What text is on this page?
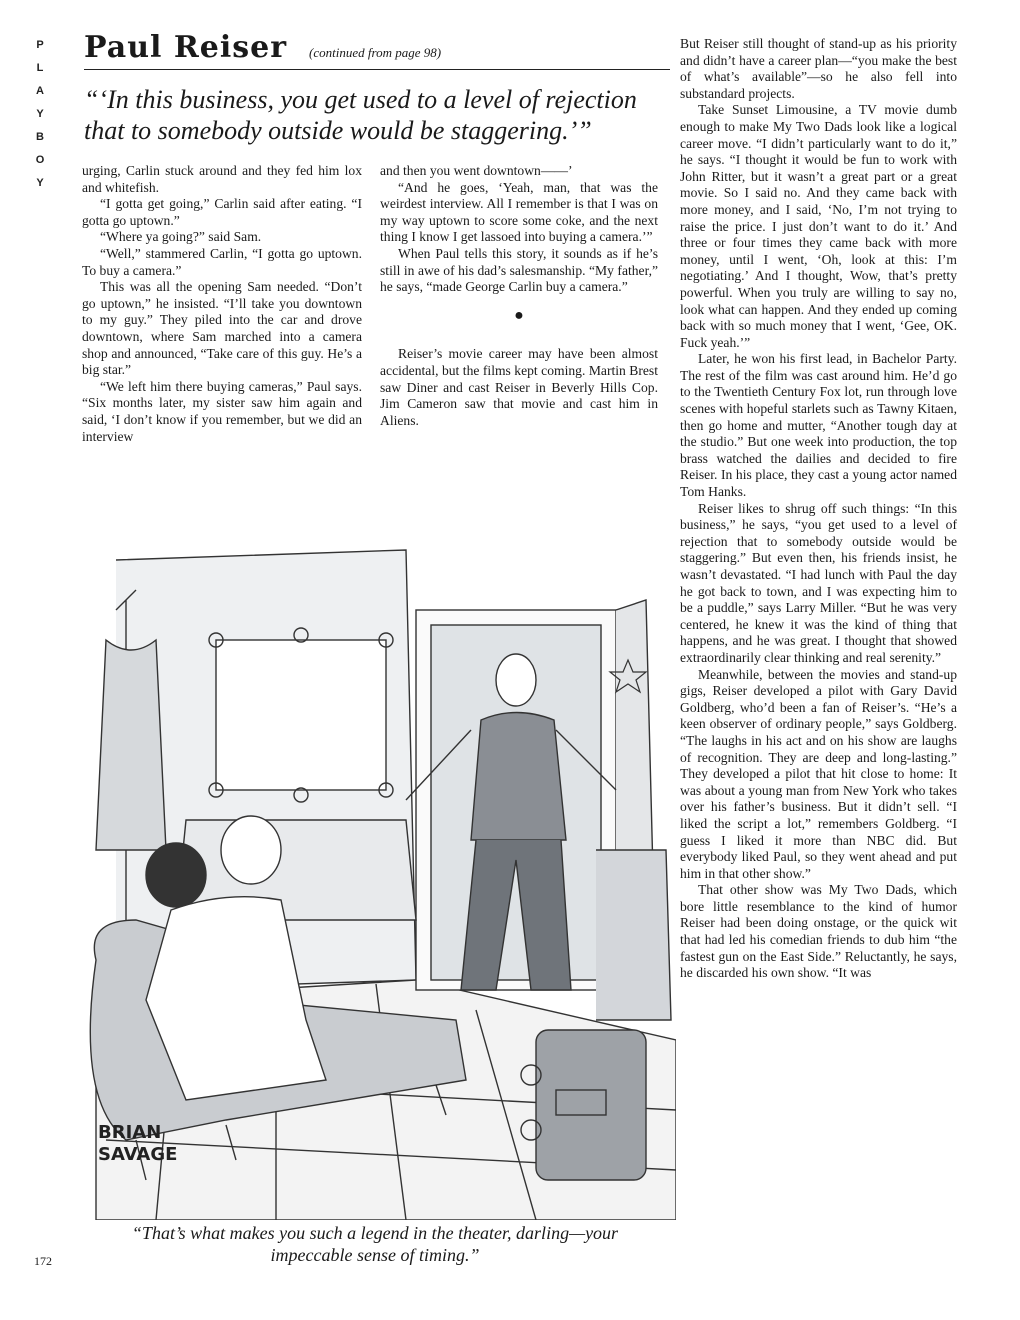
P
L
A
Y
B
O
Y
Paul Reiser (continued from page 98)
“‘In this business, you get used to a level of rejection that to somebody outside would be staggering.’”

urging, Carlin stuck around and they fed him lox and whitefish.

“I gotta get going,” Carlin said after eating. “I gotta go uptown.”

“Where ya going?” said Sam.

“Well,” stammered Carlin, “I gotta go uptown. To buy a camera.”

This was all the opening Sam needed. “Don’t go uptown,” he insisted. “I’ll take you downtown to my guy.” They piled into the car and drove downtown, where Sam marched into a camera shop and announced, “Take care of this guy. He’s a big star.”

“We left him there buying cameras,” Paul says. “Six months later, my sister saw him again and said, ‘I don’t know if you remember, but we did an interview

and then you went downtown——’

“And he goes, ‘Yeah, man, that was the weirdest interview. All I remember is that I was on my way uptown to score some coke, and the next thing I know I get lassoed into buying a camera.’”

When Paul tells this story, it sounds as if he’s still in awe of his dad’s salesmanship. “My father,” he says, “made George Carlin buy a camera.”

●

Reiser’s movie career may have been almost accidental, but the films kept coming. Martin Brest saw Diner and cast Reiser in Beverly Hills Cop. Jim Cameron saw that movie and cast him in Aliens.

But Reiser still thought of stand-up as his priority and didn’t have a career plan—“you make the best of what’s available”—so he also fell into substandard projects.

Take Sunset Limousine, a TV movie dumb enough to make My Two Dads look like a logical career move. “I didn’t particularly want to do it,” he says. “I thought it would be fun to work with John Ritter, but it wasn’t a great part or a great movie. So I said no. And they came back with more money, and I said, ‘No, I’m not trying to raise the price. I just don’t want to do it.’ And three or four times they came back with more money, until I went, ‘Oh, look at this: I’m negotiating.’ And I thought, Wow, that’s pretty powerful. When you truly are willing to say no, look what can happen. And they ended up coming back with so much money that I went, ‘Gee, OK. Fuck yeah.’”

Later, he won his first lead, in Bachelor Party. The rest of the film was cast around him. He’d go to the Twentieth Century Fox lot, run through love scenes with hopeful starlets such as Tawny Kitaen, then go home and mutter, “Another tough day at the studio.” But one week into production, the top brass watched the dailies and decided to fire Reiser. In his place, they cast a young actor named Tom Hanks.

Reiser likes to shrug off such things: “In this business,” he says, “you get used to a level of rejection that to somebody outside would be staggering.” But even then, his friends insist, he wasn’t devastated. “I had lunch with Paul the day he got back to town, and I was expecting him to be a puddle,” says Larry Miller. “But he was very centered, he knew it was the kind of thing that happens, and he was great. I thought that showed extraordinarily clear thinking and real serenity.”

Meanwhile, between the movies and stand-up gigs, Reiser developed a pilot with Gary David Goldberg, who’d been a fan of Reiser’s. “He’s a keen observer of ordinary people,” says Goldberg. “The laughs in his act and on his show are laughs of recognition. They are deep and long-lasting.” They developed a pilot that hit close to home: It was about a young man from New York who takes over his father’s business. But it didn’t sell. “I liked the script a lot,” remembers Goldberg. “I guess I liked it more than NBC did. But everybody liked Paul, so they went ahead and put him in that other show.”

That other show was My Two Dads, which bore little resemblance to the kind of humor Reiser had been doing onstage, or the quick wit that had led his comedian friends to dub him “the fastest gun on the East Side.” Reluctantly, he says, he discarded his own show. “It was

BRIAN
SAVAGE
“That’s what makes you such a legend in the theater, darling—your impeccable sense of timing.”
172
